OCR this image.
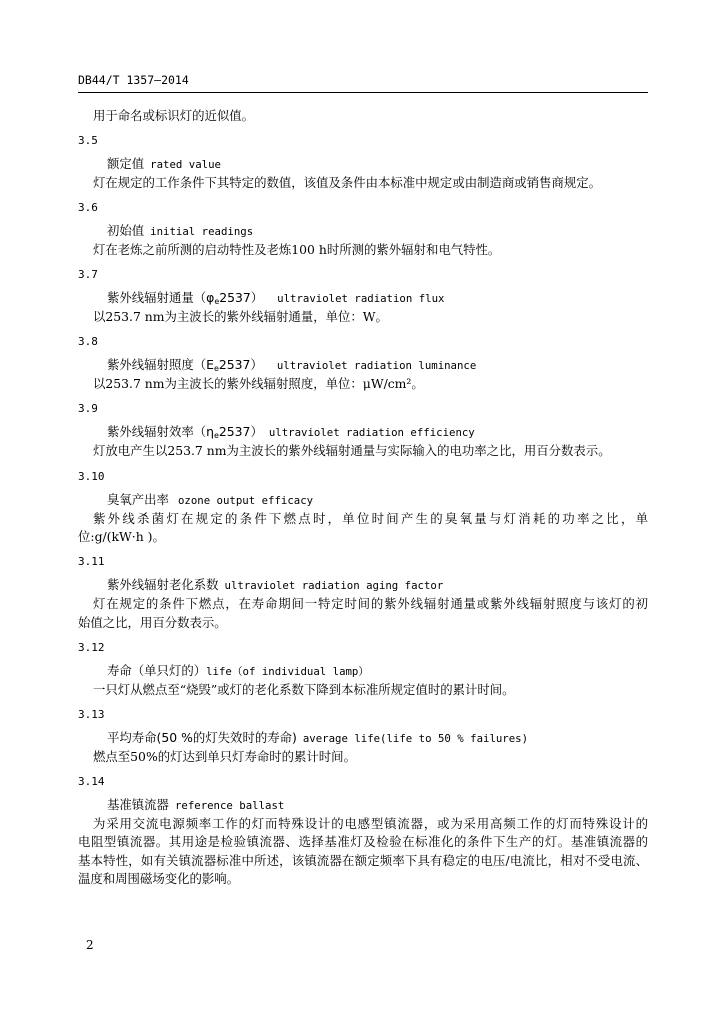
DB44/T 1357—2014
用于命名或标识灯的近似值。
3.5
额定值 rated value
灯在规定的工作条件下其特定的数值，该值及条件由本标准中规定或由制造商或销售商规定。
3.6
初始值 initial readings
灯在老炼之前所测的启动特性及老炼100 h时所测的紫外辐射和电气特性。
3.7
紫外线辐射通量$(\varphi_e2537)$ ultraviolet radiation flux
以253.7 nm为主波长的紫外线辐射通量，单位：W。
3.8
紫外线辐射照度$(E_e2537)$ ultraviolet radiation luminance
以253.7 nm为主波长的紫外线辐射照度，单位：μW/cm²。
3.9
紫外线辐射效率$(\eta_e2537)$ ultraviolet radiation efficiency
灯放电产生以253.7 nm为主波长的紫外线辐射通量与实际输入的电功率之比，用百分数表示。
3.10
臭氧产出率 ozone output efficacy
紫外线杀菌灯在规定的条件下燃点时，单位时间产生的臭氧量与灯消耗的功率之比，单
位:g/(kW·h )。
3.11
紫外线辐射老化系数 ultraviolet radiation aging factor
灯在规定的条件下燃点，在寿命期间一特定时间的紫外线辐射通量或紫外线辐射照度与该灯的初
始值之比，用百分数表示。
3.12
寿命（单只灯的）life（of individual lamp）
一只灯从燃点至“烧毁”或灯的老化系数下降到本标准所规定值时的累计时间。
3.13
平均寿命(50 %的灯失效时的寿命) average life(life to 50 % failures)
燃点至50%的灯达到单只灯寿命时的累计时间。
3.14
基准镇流器 reference ballast
为采用交流电源频率工作的灯而特殊设计的电感型镇流器，或为采用高频工作的灯而特殊设计的
电阻型镇流器。其用途是检验镇流器、选择基准灯及检验在标准化的条件下生产的灯。基准镇流器的
基本特性，如有关镇流器标准中所述，该镇流器在额定频率下具有稳定的电压/电流比，相对不受电流、
温度和周围磁场变化的影响。
2
